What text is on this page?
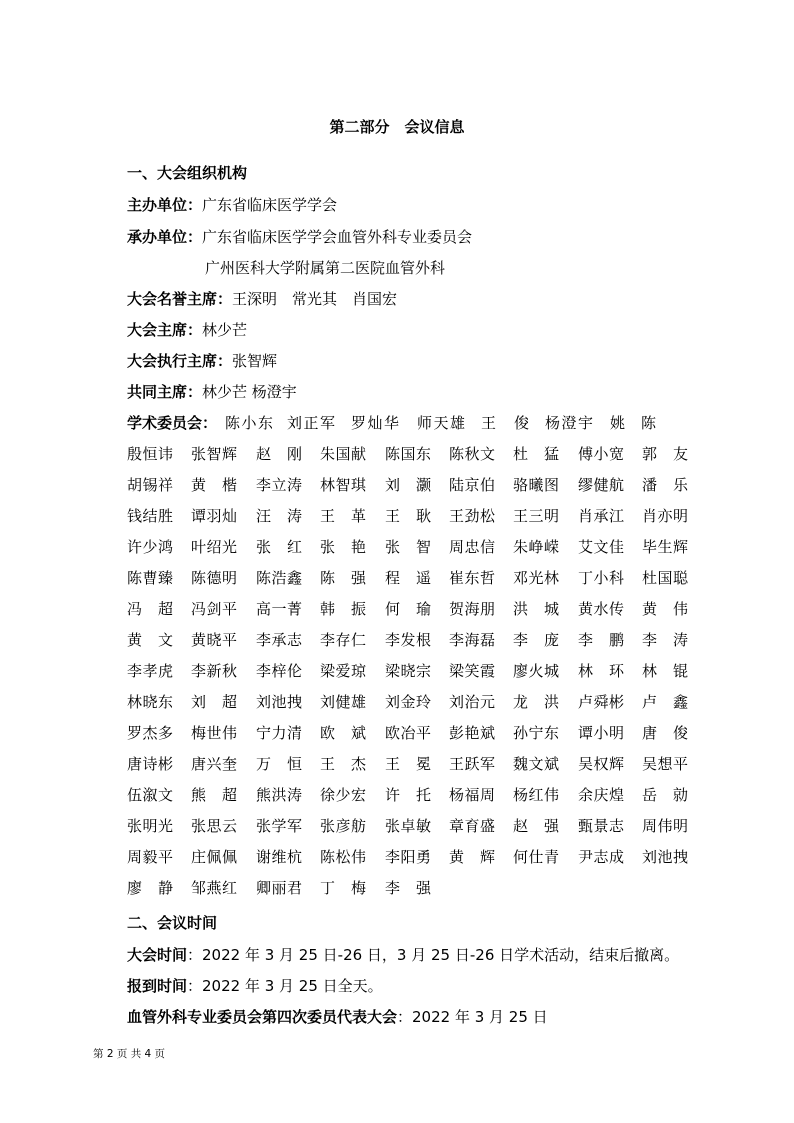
第二部分　会议信息
一、大会组织机构
主办单位：广东省临床医学学会
承办单位：广东省临床医学学会血管外科专业委员会
广州医科大学附属第二医院血管外科
大会名誉主席：王深明　常光其　肖国宏
大会主席：林少芒
大会执行主席：张智辉
共同主席：林少芒 杨澄宇
学术委员会： 陈小东 刘正军 罗灿华 师天雄 王　俊 杨澄宇 姚　陈
殷恒讳 张智辉 赵　刚 朱国献 陈国东 陈秋文 杜　猛 傅小宽 郭　友
胡锡祥 黄　楷 李立涛 林智琪 刘　灏 陆京伯 骆曦图 缪健航 潘　乐
钱结胜 谭羽灿 汪　涛 王　革 王　耿 王劲松 王三明 肖承江 肖亦明
许少鸿 叶绍光 张　红 张　艳 张　智 周忠信 朱峥嵘 艾文佳 毕生辉
陈曹臻 陈德明 陈浩鑫 陈　强 程　遥 崔东哲 邓光林 丁小科 杜国聪
冯　超 冯剑平 高一菁 韩　振 何　瑜 贺海朋 洪　城 黄水传 黄　伟
黄　文 黄晓平 李承志 李存仁 李发根 李海磊 李　庞 李　鹏 李　涛
李孝虎 李新秋 李梓伦 梁爱琼 梁晓宗 梁笑霞 廖火城 林　环 林　锟
林晓东 刘　超 刘池拽 刘健雄 刘金玲 刘治元 龙　洪 卢舜彬 卢　鑫
罗杰多 梅世伟 宁力清 欧　斌 欧冶平 彭艳斌 孙宁东 谭小明 唐　俊
唐诗彬 唐兴奎 万　恒 王　杰 王　冕 王跃军 魏文斌 吴权辉 吴想平
伍溆文 熊　超 熊洪涛 徐少宏 许　托 杨福周 杨红伟 余庆煌 岳　勍
张明光 张思云 张学军 张彦舫 张卓敏 章育盛 赵　强 甄景志 周伟明
周毅平 庄佩佩 谢维杭 陈松伟 李阳勇 黄　辉 何仕青 尹志成 刘池拽
廖　静 邹燕红 卿丽君 丁　梅 李　强
二、会议时间
大会时间：2022 年 3 月 25 日-26 日，3 月 25 日-26 日学术活动，结束后撤离。
报到时间：2022 年 3 月 25 日全天。
血管外科专业委员会第四次委员代表大会：2022 年 3 月 25 日
第 2 页 共 4 页
